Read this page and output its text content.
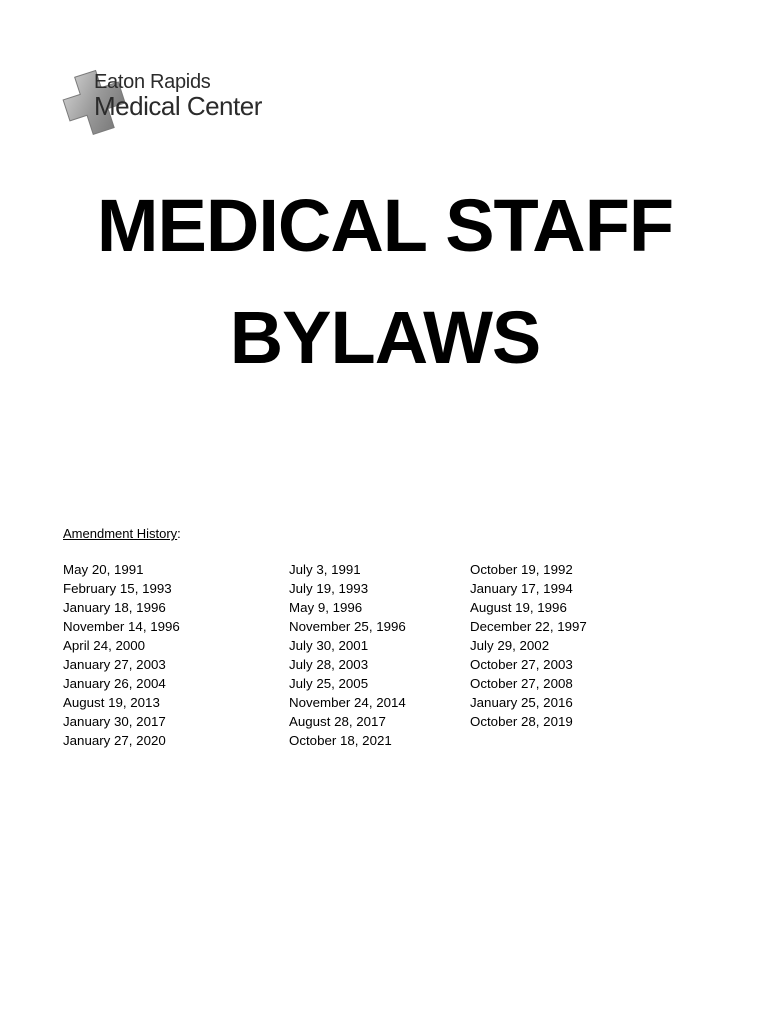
Eaton Rapids
Medical Center
MEDICAL STAFF
BYLAWS
Amendment History:
May 20, 1991
February 15, 1993
January 18, 1996
November 14, 1996
April 24, 2000
January 27, 2003
January 26, 2004
August 19, 2013
January 30, 2017
January 27, 2020
July 3, 1991
July 19, 1993
May 9, 1996
November 25, 1996
July 30, 2001
July 28, 2003
July 25, 2005
November 24, 2014
August 28, 2017
October 18, 2021
October 19, 1992
January 17, 1994
August 19, 1996
December 22, 1997
July 29, 2002
October 27, 2003
October 27, 2008
January 25, 2016
October 28, 2019
